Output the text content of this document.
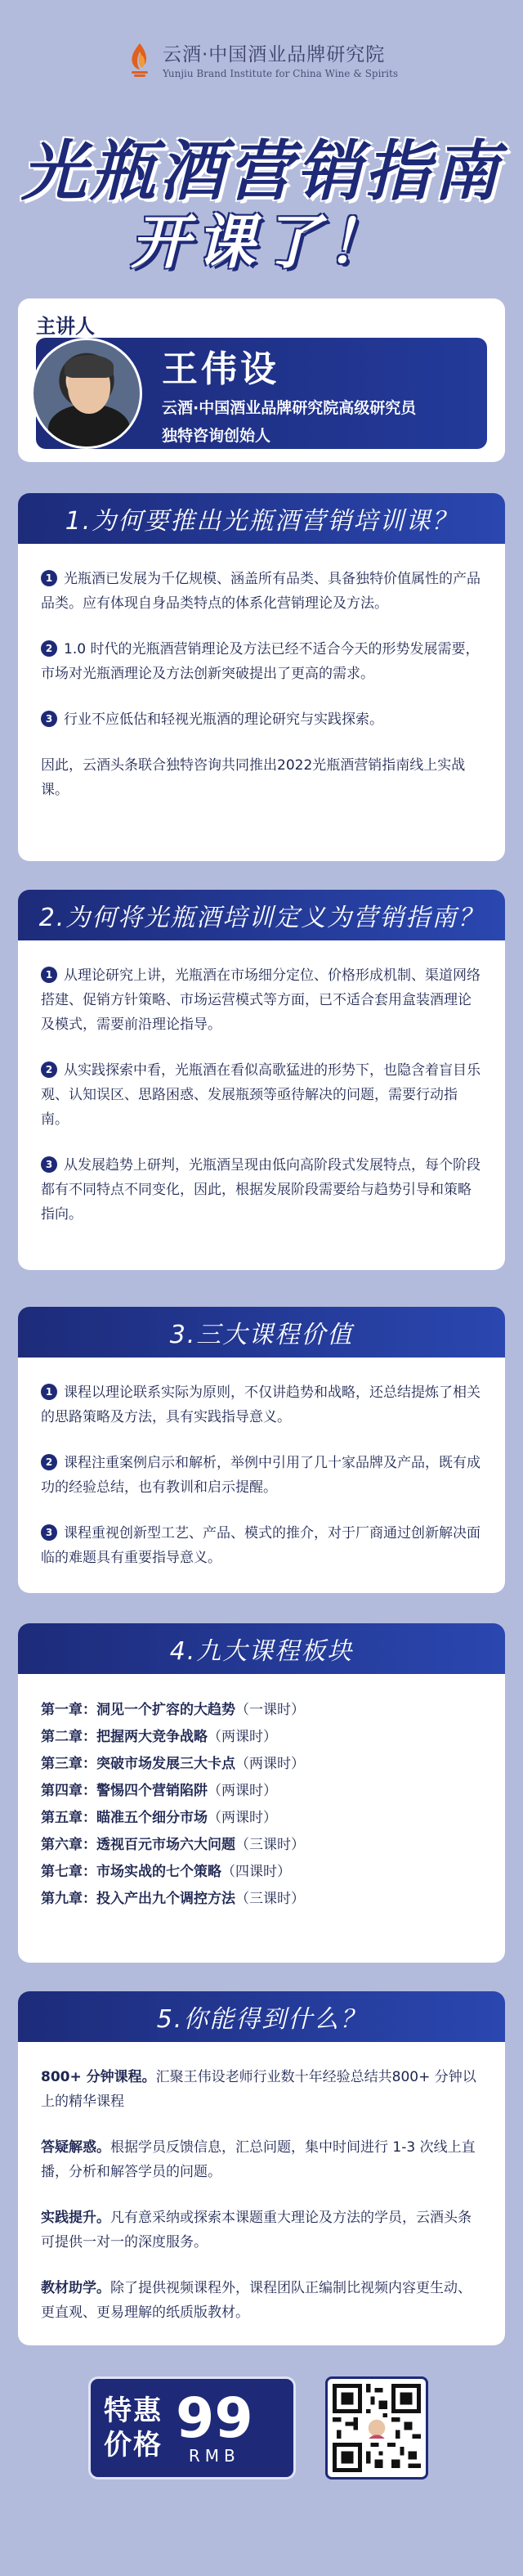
云酒·中国酒业品牌研究院
Yunjiu Brand Institute for China Wine & Spirits
光瓶酒营销指南
开课了！
主讲人
王伟设
云酒·中国酒业品牌研究院高级研究员
独特咨询创始人
1.为何要推出光瓶酒营销培训课？

1 光瓶酒已发展为千亿规模、涵盖所有品类、具备独特价值属性的产品品类。应有体现自身品类特点的体系化营销理论及方法。

2 1.0 时代的光瓶酒营销理论及方法已经不适合今天的形势发展需要，市场对光瓶酒理论及方法创新突破提出了更高的需求。

3 行业不应低估和轻视光瓶酒的理论研究与实践探索。

因此，云酒头条联合独特咨询共同推出2022光瓶酒营销指南线上实战课。

2.为何将光瓶酒培训定义为营销指南？

1 从理论研究上讲，光瓶酒在市场细分定位、价格形成机制、渠道网络搭建、促销方针策略、市场运营模式等方面，已不适合套用盒装酒理论及模式，需要前沿理论指导。

2 从实践探索中看，光瓶酒在看似高歌猛进的形势下，也隐含着盲目乐观、认知误区、思路困惑、发展瓶颈等亟待解决的问题，需要行动指南。

3 从发展趋势上研判，光瓶酒呈现由低向高阶段式发展特点，每个阶段都有不同特点不同变化，因此，根据发展阶段需要给与趋势引导和策略指向。

3.三大课程价值

1 课程以理论联系实际为原则，不仅讲趋势和战略，还总结提炼了相关的思路策略及方法，具有实践指导意义。

2 课程注重案例启示和解析，举例中引用了几十家品牌及产品，既有成功的经验总结，也有教训和启示提醒。

3 课程重视创新型工艺、产品、模式的推介，对于厂商通过创新解决面临的难题具有重要指导意义。

4.九大课程板块
第一章：洞见一个扩容的大趋势（一课时）
第二章：把握两大竞争战略（两课时）
第三章：突破市场发展三大卡点（两课时）
第四章：警惕四个营销陷阱（两课时）
第五章：瞄准五个细分市场（两课时）
第六章：透视百元市场六大问题（三课时）
第七章：市场实战的七个策略（四课时）
第九章：投入产出九个调控方法（三课时）
5.你能得到什么？

800+ 分钟课程。汇聚王伟设老师行业数十年经验总结共800+ 分钟以上的精华课程

答疑解惑。根据学员反馈信息，汇总问题，集中时间进行 1-3 次线上直播，分析和解答学员的问题。

实践提升。凡有意采纳或探索本课题重大理论及方法的学员，云酒头条可提供一对一的深度服务。

教材助学。除了提供视频课程外，课程团队正编制比视频内容更生动、更直观、更易理解的纸质版教材。

特惠
价格 99
RMB
